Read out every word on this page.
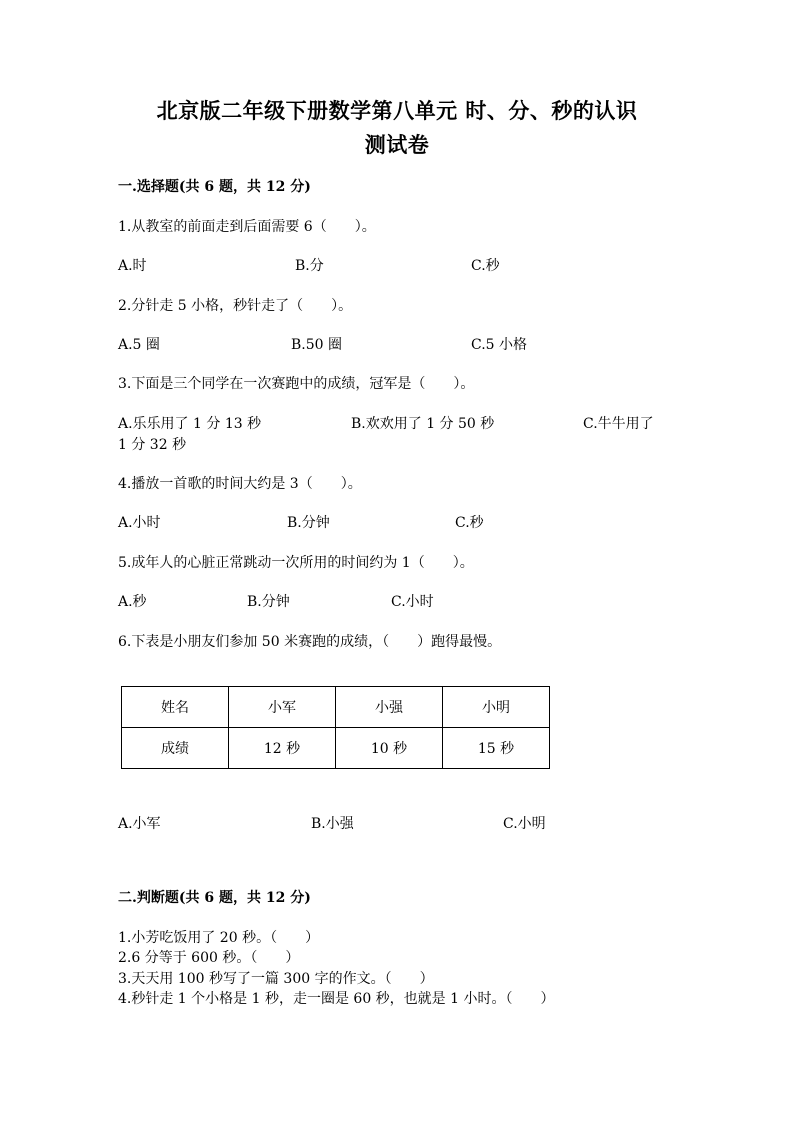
北京版二年级下册数学第八单元 时、分、秒的认识
测试卷
一.选择题(共 6 题，共 12 分)
1.从教室的前面走到后面需要 6（　　）。
A.时	B.分	C.秒
2.分针走 5 小格，秒针走了（　　）。
A.5 圈	B.50 圈	C.5 小格
3.下面是三个同学在一次赛跑中的成绩，冠军是（　　）。
A.乐乐用了 1 分 13 秒	B.欢欢用了 1 分 50 秒	C.牛牛用了
1 分 32 秒
4.播放一首歌的时间大约是 3（　　）。
A.小时	B.分钟	C.秒
5.成年人的心脏正常跳动一次所用的时间约为 1（　　）。
A.秒	B.分钟	C.小时
6.下表是小朋友们参加 50 米赛跑的成绩，（　　）跑得最慢。
姓名	小军	小强	小明
成绩	12 秒	10 秒	15 秒
A.小军	B.小强	C.小明
二.判断题(共 6 题，共 12 分)
1.小芳吃饭用了 20 秒。（　　）
2.6 分等于 600 秒。（　　）
3.天天用 100 秒写了一篇 300 字的作文。（　　）
4.秒针走 1 个小格是 1 秒，走一圈是 60 秒，也就是 1 小时。（　　）
